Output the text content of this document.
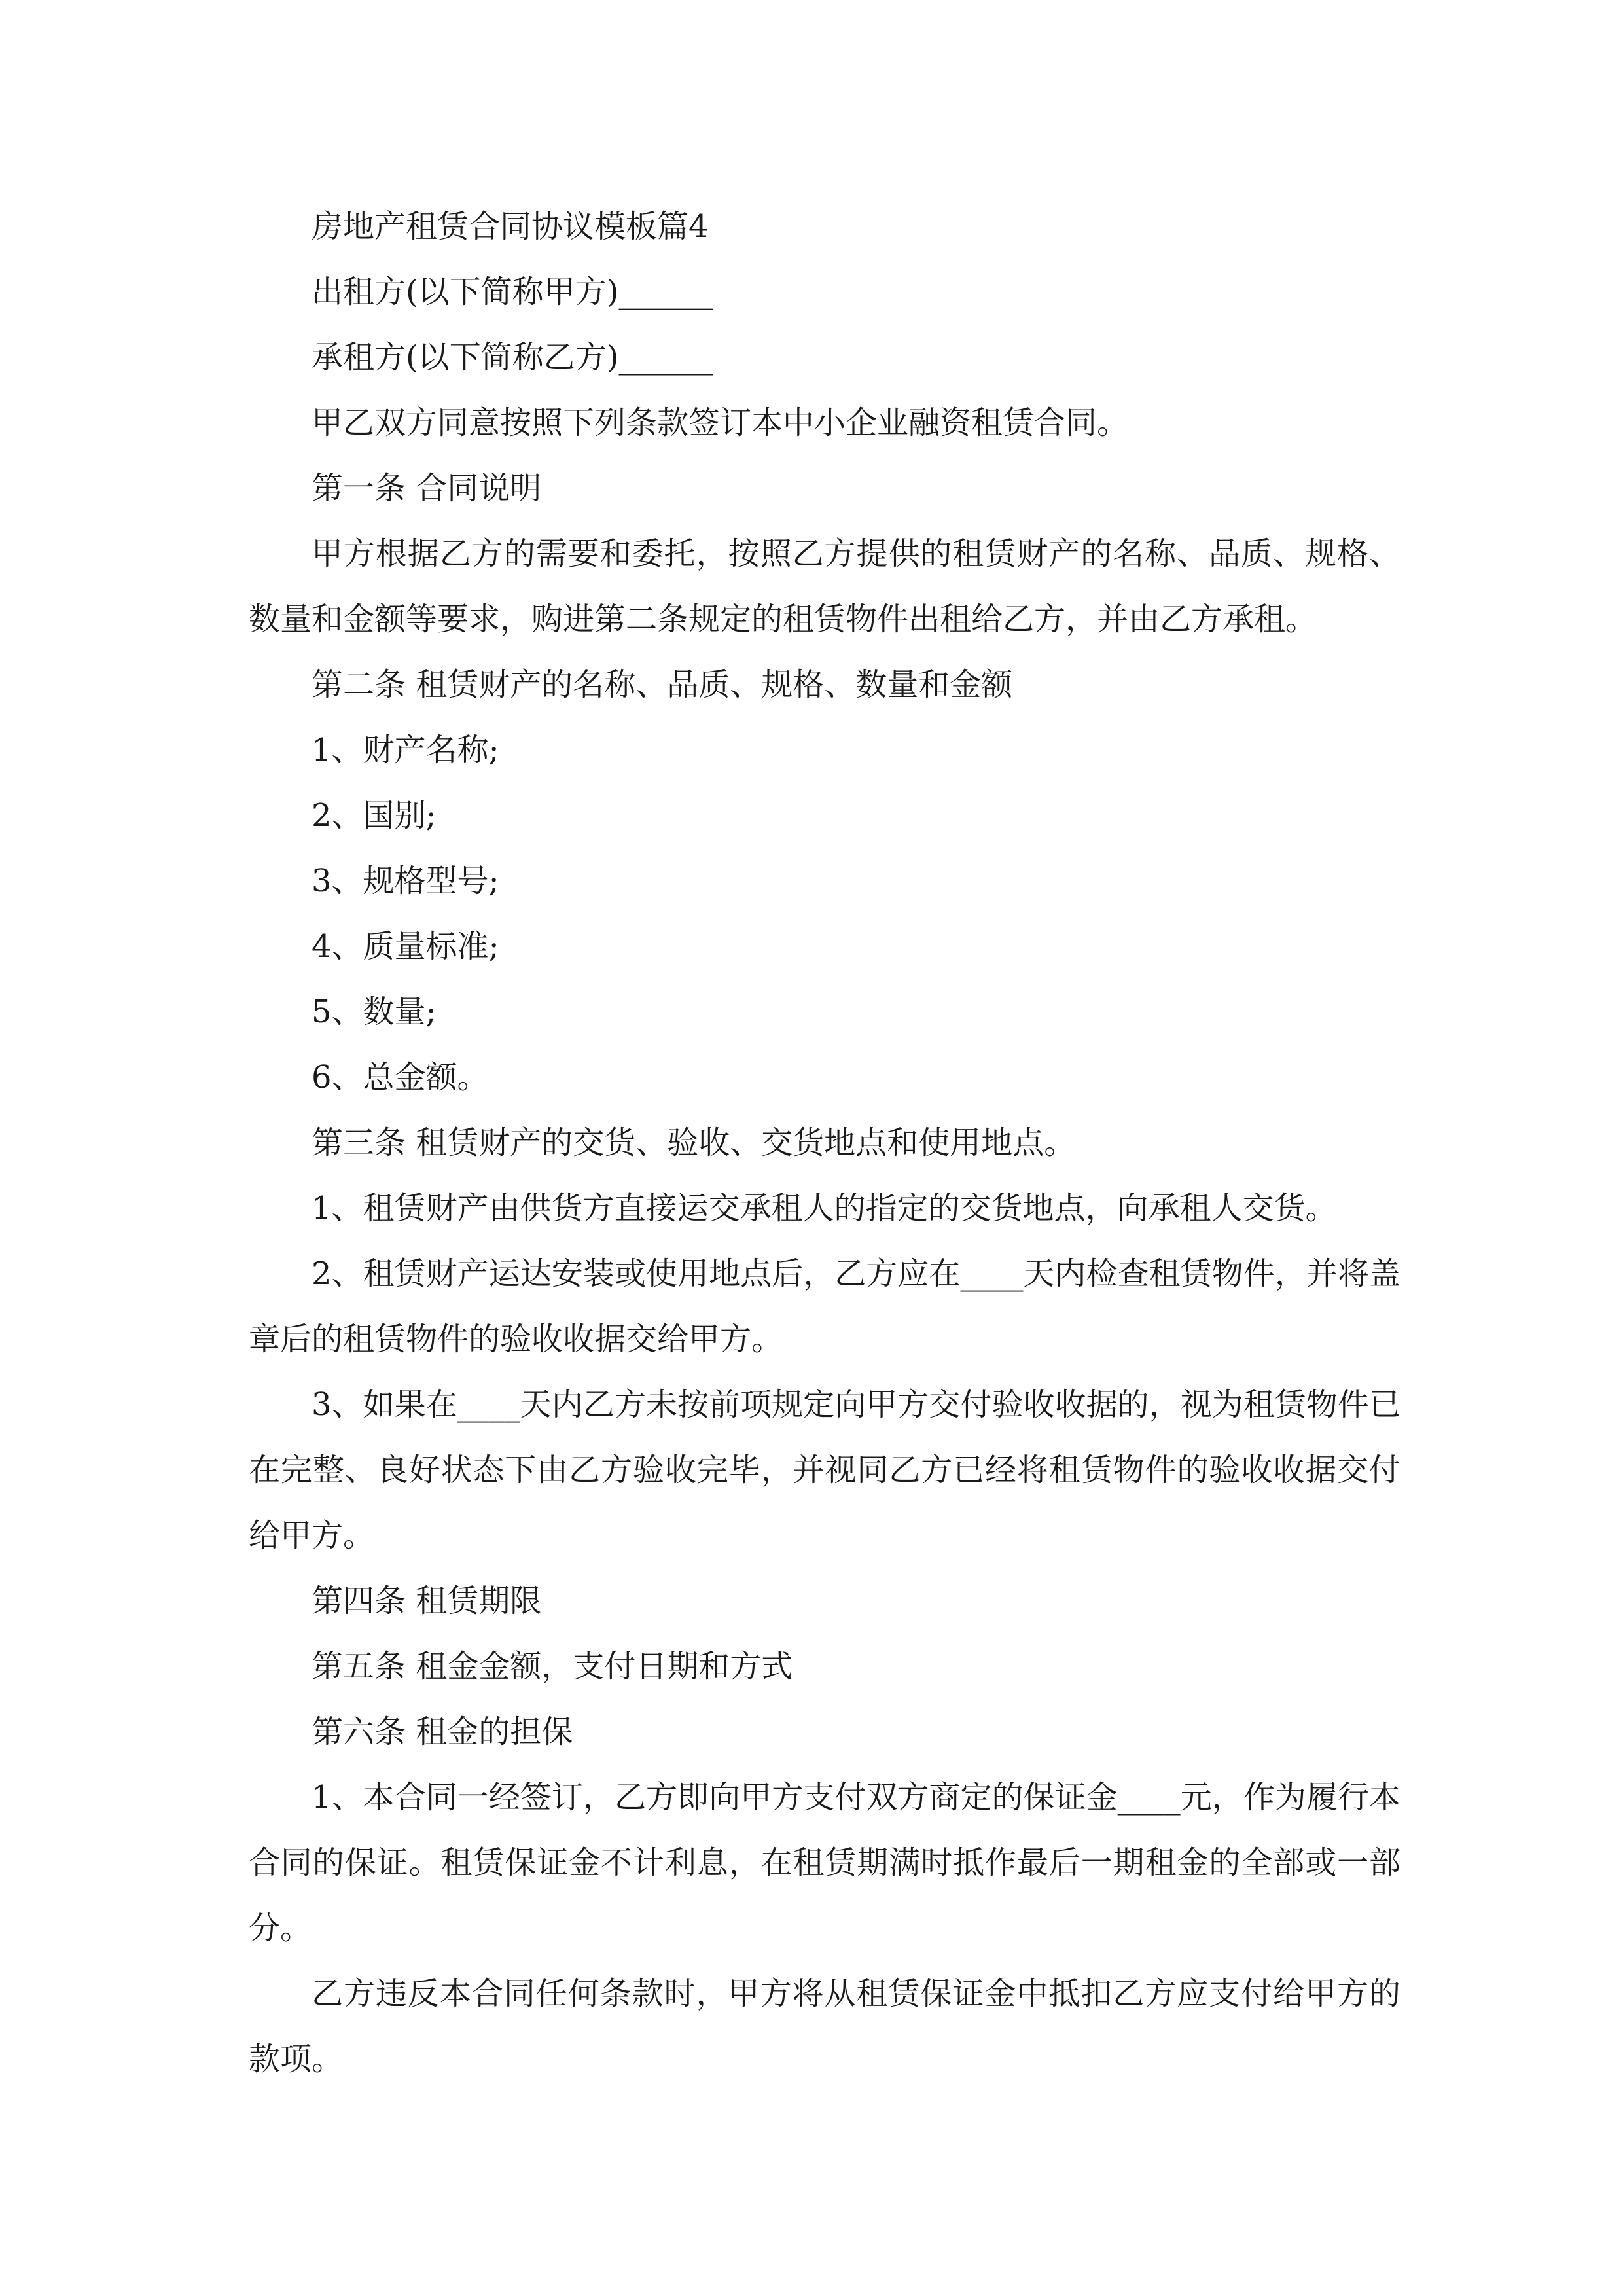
房地产租赁合同协议模板篇4

出租方(以下简称甲方)______

承租方(以下简称乙方)______

甲乙双方同意按照下列条款签订本中小企业融资租赁合同。

第一条 合同说明

甲方根据乙方的需要和委托，按照乙方提供的租赁财产的名称、品质、规格、数量和金额等要求，购进第二条规定的租赁物件出租给乙方，并由乙方承租。

第二条 租赁财产的名称、品质、规格、数量和金额

1、财产名称;

2、国别;

3、规格型号;

4、质量标准;

5、数量;

6、总金额。

第三条 租赁财产的交货、验收、交货地点和使用地点。

1、租赁财产由供货方直接运交承租人的指定的交货地点，向承租人交货。

2、租赁财产运达安装或使用地点后，乙方应在____天内检查租赁物件，并将盖章后的租赁物件的验收收据交给甲方。

3、如果在____天内乙方未按前项规定向甲方交付验收收据的，视为租赁物件已在完整、良好状态下由乙方验收完毕，并视同乙方已经将租赁物件的验收收据交付给甲方。

第四条 租赁期限

第五条 租金金额，支付日期和方式

第六条 租金的担保

1、本合同一经签订，乙方即向甲方支付双方商定的保证金____元，作为履行本合同的保证。租赁保证金不计利息，在租赁期满时抵作最后一期租金的全部或一部分。

乙方违反本合同任何条款时，甲方将从租赁保证金中抵扣乙方应支付给甲方的款项。
